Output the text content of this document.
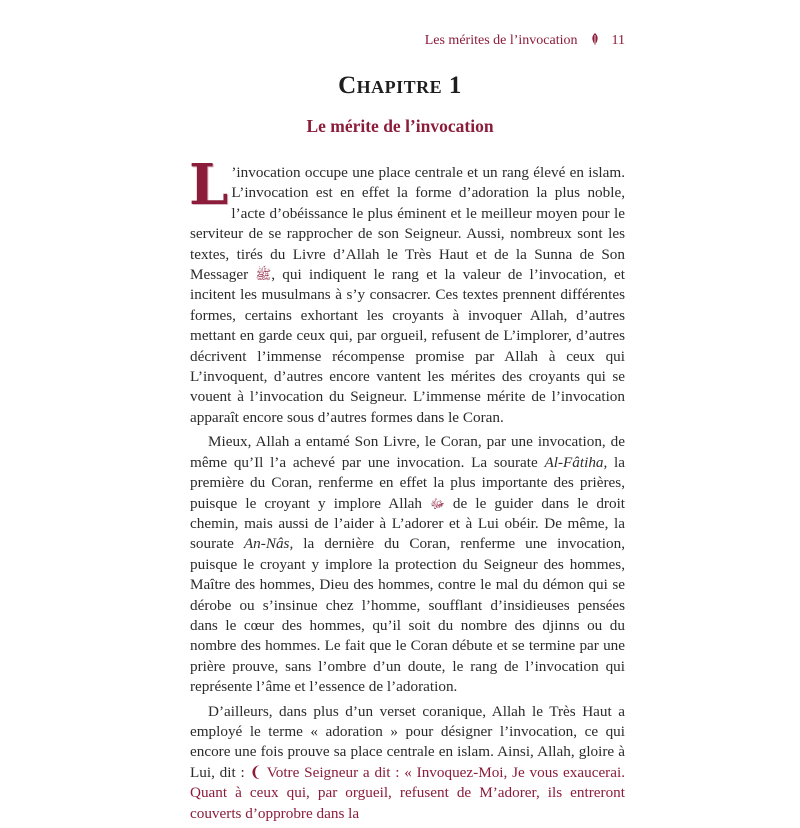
Les mérites de l’invocation 11
Chapitre 1
Le mérite de l’invocation

L ’invocation occupe une place centrale et un rang élevé en islam. L’invocation est en effet la forme d’adoration la plus noble, l’acte d’obéissance le plus éminent et le meilleur moyen pour le serviteur de se rapprocher de son Seigneur. Aussi, nombreux sont les textes, tirés du Livre d’Allah le Très Haut et de la Sunna de Son Messager ﷺ, qui indiquent le rang et la valeur de l’invocation, et incitent les musulmans à s’y consacrer. Ces textes prennent différentes formes, certains exhortant les croyants à invoquer Allah, d’autres mettant en garde ceux qui, par orgueil, refusent de L’implorer, d’autres décrivent l’immense récompense promise par Allah à ceux qui L’invoquent, d’autres encore vantent les mérites des croyants qui se vouent à l’invocation du Seigneur. L’immense mérite de l’invocation apparaît encore sous d’autres formes dans le Coran.

Mieux, Allah a entamé Son Livre, le Coran, par une invocation, de même qu’Il l’a achevé par une invocation. La sourate Al-Fâtiha, la première du Coran, renferme en effet la plus importante des prières, puisque le croyant y implore Allah ﷻ de le guider dans le droit chemin, mais aussi de l’aider à L’adorer et à Lui obéir. De même, la sourate An-Nâs, la dernière du Coran, renferme une invocation, puisque le croyant y implore la protection du Seigneur des hommes, Maître des hommes, Dieu des hommes, contre le mal du démon qui se dérobe ou s’insinue chez l’homme, soufflant d’insidieuses pensées dans le cœur des hommes, qu’il soit du nombre des djinns ou du nombre des hommes. Le fait que le Coran débute et se termine par une prière prouve, sans l’ombre d’un doute, le rang de l’invocation qui représente l’âme et l’essence de l’adoration.

D’ailleurs, dans plus d’un verset coranique, Allah le Très Haut a employé le terme « adoration » pour désigner l’invocation, ce qui encore une fois prouve sa place centrale en islam. Ainsi, Allah, gloire à Lui, dit : ❨ Votre Seigneur a dit : « Invoquez-Moi, Je vous exaucerai. Quant à ceux qui, par orgueil, refusent de M’adorer, ils entreront couverts d’opprobre dans la
